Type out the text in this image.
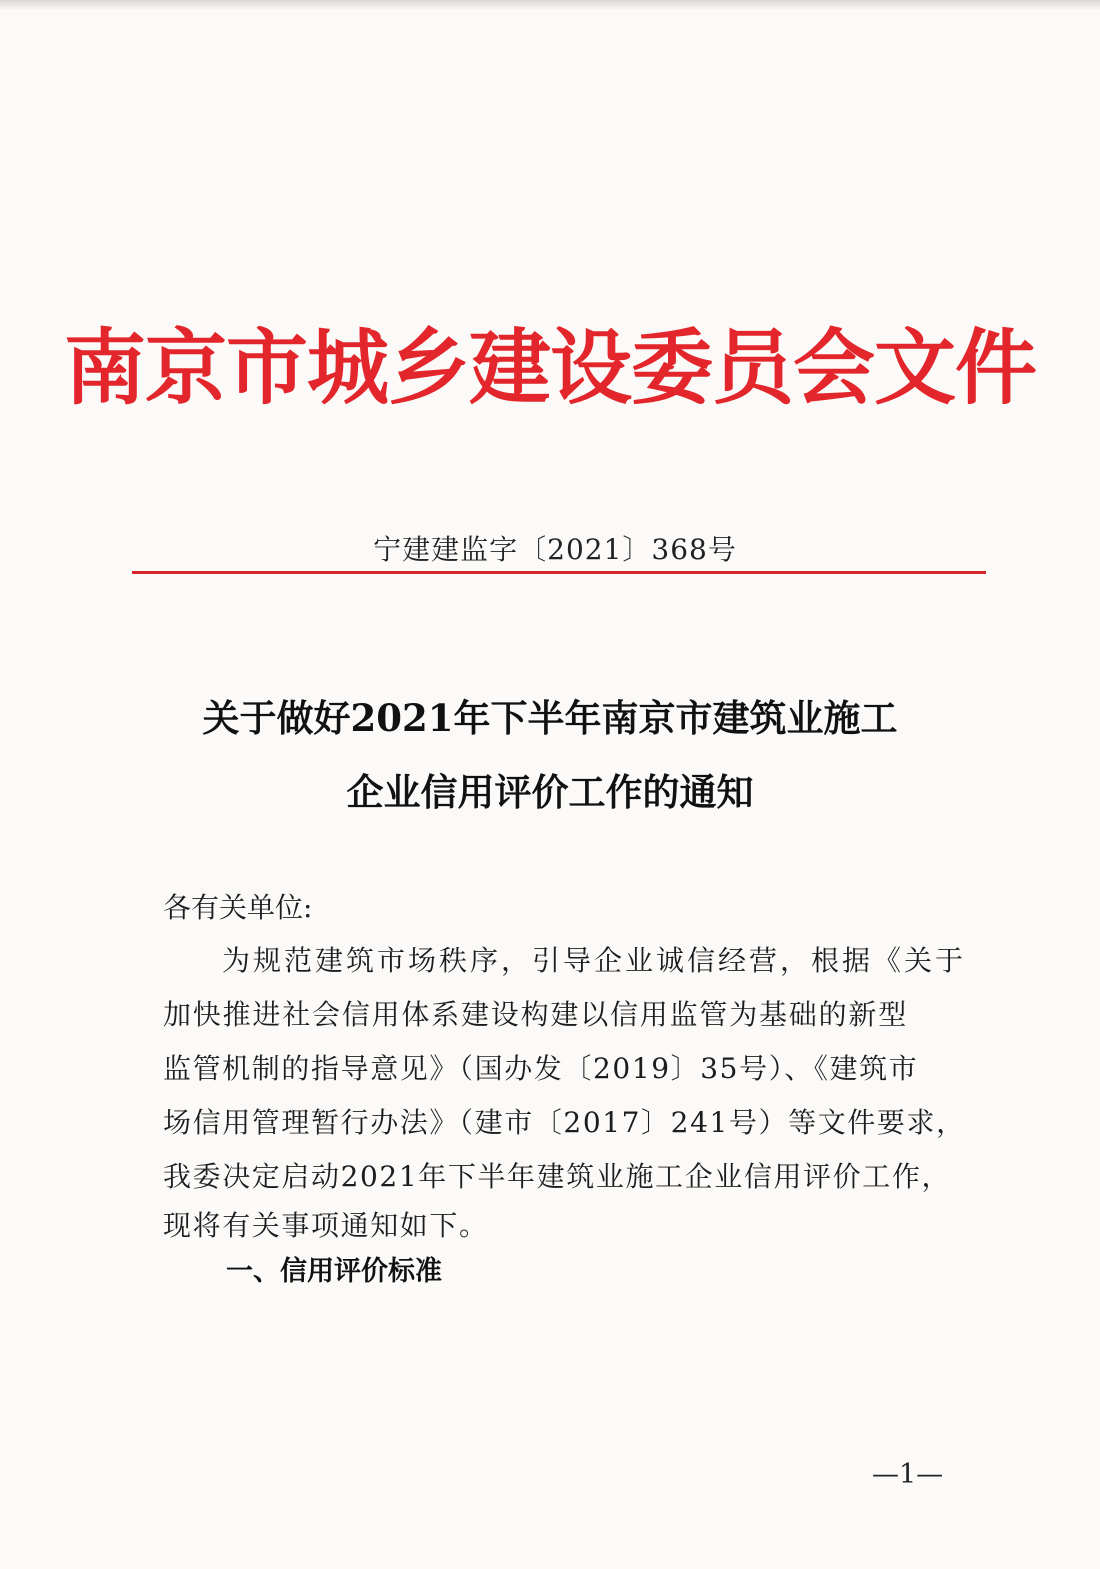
南京市城乡建设委员会文件
宁建建监字〔2021〕368号
关于做好2021年下半年南京市建筑业施工
企业信用评价工作的通知
各有关单位:
为规范建筑市场秩序，引导企业诚信经营，根据《关于
加快推进社会信用体系建设构建以信用监管为基础的新型
监管机制的指导意见》（国办发〔2019〕35号）、《建筑市
场信用管理暂行办法》（建市〔2017〕241号）等文件要求，
我委决定启动2021年下半年建筑业施工企业信用评价工作，
现将有关事项通知如下。
一、信用评价标准
—1—
